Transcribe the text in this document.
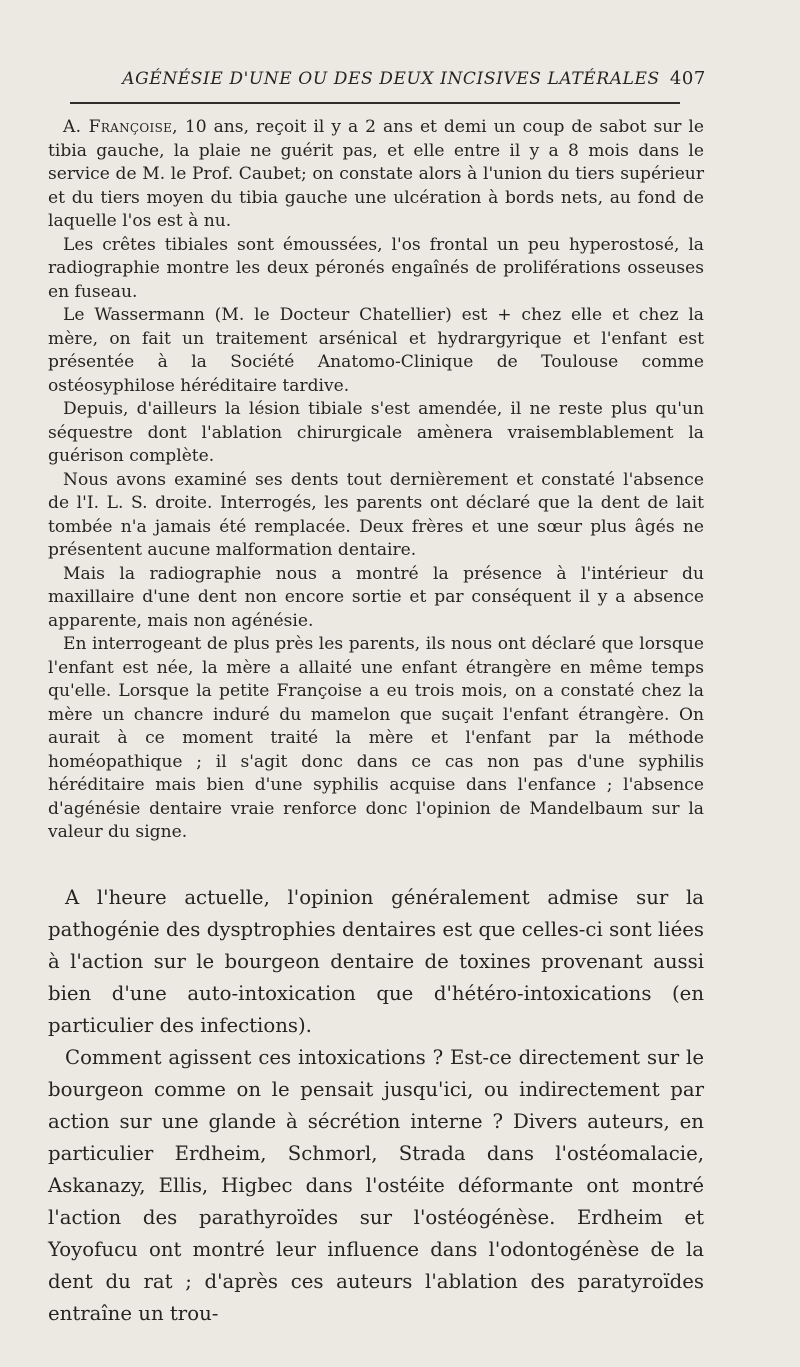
AGÉNÉSIE D'UNE OU DES DEUX INCISIVES LATÉRALES 407

A. Françoise, 10 ans, reçoit il y a 2 ans et demi un coup de sabot sur le tibia gauche, la plaie ne guérit pas, et elle entre il y a 8 mois dans le service de M. le Prof. Caubet; on constate alors à l'union du tiers supérieur et du tiers moyen du tibia gauche une ulcération à bords nets, au fond de laquelle l'os est à nu.

Les crêtes tibiales sont émoussées, l'os frontal un peu hyperostosé, la radiographie montre les deux péronés engaînés de proliférations osseuses en fuseau.

Le Wassermann (M. le Docteur Chatellier) est + chez elle et chez la mère, on fait un traitement arsénical et hydrargyrique et l'enfant est présentée à la Société Anatomo-Clinique de Toulouse comme ostéosyphilose héréditaire tardive.

Depuis, d'ailleurs la lésion tibiale s'est amendée, il ne reste plus qu'un séquestre dont l'ablation chirurgicale amènera vraisemblablement la guérison complète.

Nous avons examiné ses dents tout dernièrement et constaté l'absence de l'I. L. S. droite. Interrogés, les parents ont déclaré que la dent de lait tombée n'a jamais été remplacée. Deux frères et une sœur plus âgés ne présentent aucune malformation dentaire.

Mais la radiographie nous a montré la présence à l'intérieur du maxillaire d'une dent non encore sortie et par conséquent il y a absence apparente, mais non agénésie.

En interrogeant de plus près les parents, ils nous ont déclaré que lorsque l'enfant est née, la mère a allaité une enfant étrangère en même temps qu'elle. Lorsque la petite Françoise a eu trois mois, on a constaté chez la mère un chancre induré du mamelon que suçait l'enfant étrangère. On aurait à ce moment traité la mère et l'enfant par la méthode homéopathique ; il s'agit donc dans ce cas non pas d'une syphilis héréditaire mais bien d'une syphilis acquise dans l'enfance ; l'absence d'agénésie dentaire vraie renforce donc l'opinion de Mandelbaum sur la valeur du signe.

A l'heure actuelle, l'opinion généralement admise sur la pathogénie des dysptrophies dentaires est que celles-ci sont liées à l'action sur le bourgeon dentaire de toxines provenant aussi bien d'une auto-intoxication que d'hétéro-intoxications (en particulier des infections).

Comment agissent ces intoxications ? Est-ce directement sur le bourgeon comme on le pensait jusqu'ici, ou indirectement par action sur une glande à sécrétion interne ? Divers auteurs, en particulier Erdheim, Schmorl, Strada dans l'ostéomalacie, Askanazy, Ellis, Higbec dans l'ostéite déformante ont montré l'action des parathyroïdes sur l'ostéogénèse. Erdheim et Yoyofucu ont montré leur influence dans l'odontogénèse de la dent du rat ; d'après ces auteurs l'ablation des paratyroïdes entraîne un trou-
